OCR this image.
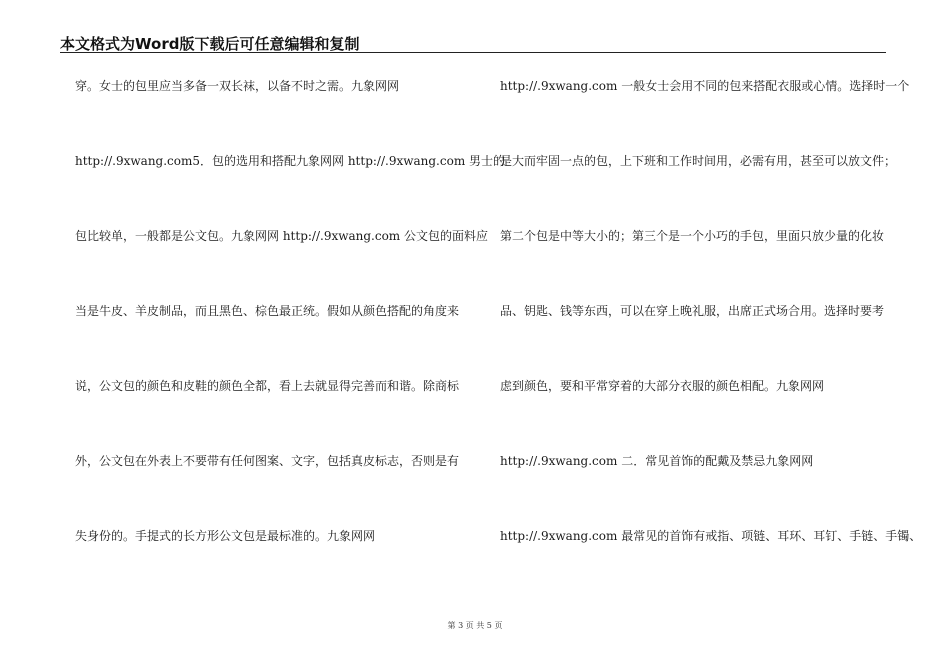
本文格式为Word版下载后可任意编辑和复制
穿。女士的包里应当多备一双长袜，以备不时之需。九象网网
http://.9xwang.com5．包的选用和搭配九象网网 http://.9xwang.com 男士的
包比较单，一般都是公文包。九象网网 http://.9xwang.com 公文包的面料应
当是牛皮、羊皮制品，而且黑色、棕色最正统。假如从颜色搭配的角度来
说，公文包的颜色和皮鞋的颜色全都，看上去就显得完善而和谐。除商标
外，公文包在外表上不要带有任何图案、文字，包括真皮标志，否则是有
失身份的。手提式的长方形公文包是最标准的。九象网网
http://.9xwang.com 一般女士会用不同的包来搭配衣服或心情。选择时一个
是大而牢固一点的包，上下班和工作时间用，必需有用，甚至可以放文件；
第二个包是中等大小的；第三个是一个小巧的手包，里面只放少量的化妆
品、钥匙、钱等东西，可以在穿上晚礼服，出席正式场合用。选择时要考
虑到颜色，要和平常穿着的大部分衣服的颜色相配。九象网网
http://.9xwang.com 二．常见首饰的配戴及禁忌九象网网
http://.9xwang.com 最常见的首饰有戒指、项链、耳环、耳钉、手链、手镯、
第 3 页 共 5 页
